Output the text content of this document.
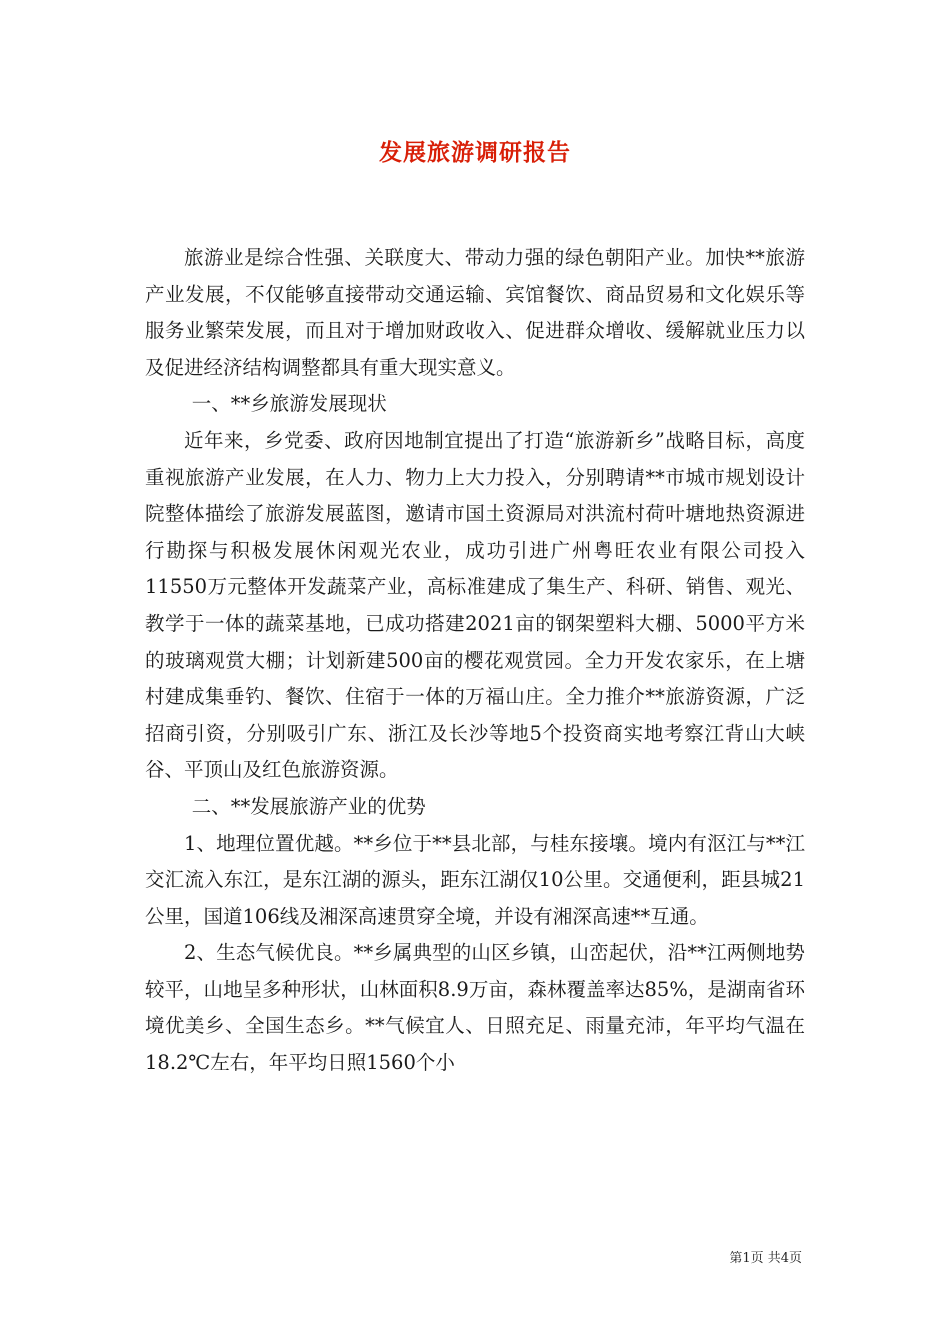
发展旅游调研报告

旅游业是综合性强、关联度大、带动力强的绿色朝阳产业。加快**旅游产业发展，不仅能够直接带动交通运输、宾馆餐饮、商品贸易和文化娱乐等服务业繁荣发展，而且对于增加财政收入、促进群众增收、缓解就业压力以及促进经济结构调整都具有重大现实意义。

一、**乡旅游发展现状

近年来，乡党委、政府因地制宜提出了打造“旅游新乡”战略目标，高度重视旅游产业发展，在人力、物力上大力投入，分别聘请**市城市规划设计院整体描绘了旅游发展蓝图，邀请市国土资源局对洪流村荷叶塘地热资源进行勘探与积极发展休闲观光农业，成功引进广州粤旺农业有限公司投入11550万元整体开发蔬菜产业，高标准建成了集生产、科研、销售、观光、教学于一体的蔬菜基地，已成功搭建2021亩的钢架塑料大棚、5000平方米的玻璃观赏大棚；计划新建500亩的樱花观赏园。全力开发农家乐，在上塘村建成集垂钓、餐饮、住宿于一体的万福山庄。全力推介**旅游资源，广泛招商引资，分别吸引广东、浙江及长沙等地5个投资商实地考察江背山大峡谷、平顶山及红色旅游资源。

二、**发展旅游产业的优势

1、地理位置优越。**乡位于**县北部，与桂东接壤。境内有沤江与**江交汇流入东江，是东江湖的源头，距东江湖仅10公里。交通便利，距县城21公里，国道106线及湘深高速贯穿全境，并设有湘深高速**互通。

2、生态气候优良。**乡属典型的山区乡镇，山峦起伏，沿**江两侧地势较平，山地呈多种形状，山林面积8.9万亩，森林覆盖率达85%，是湖南省环境优美乡、全国生态乡。**气候宜人、日照充足、雨量充沛，年平均气温在18.2℃左右，年平均日照1560个小

第1页 共4页
